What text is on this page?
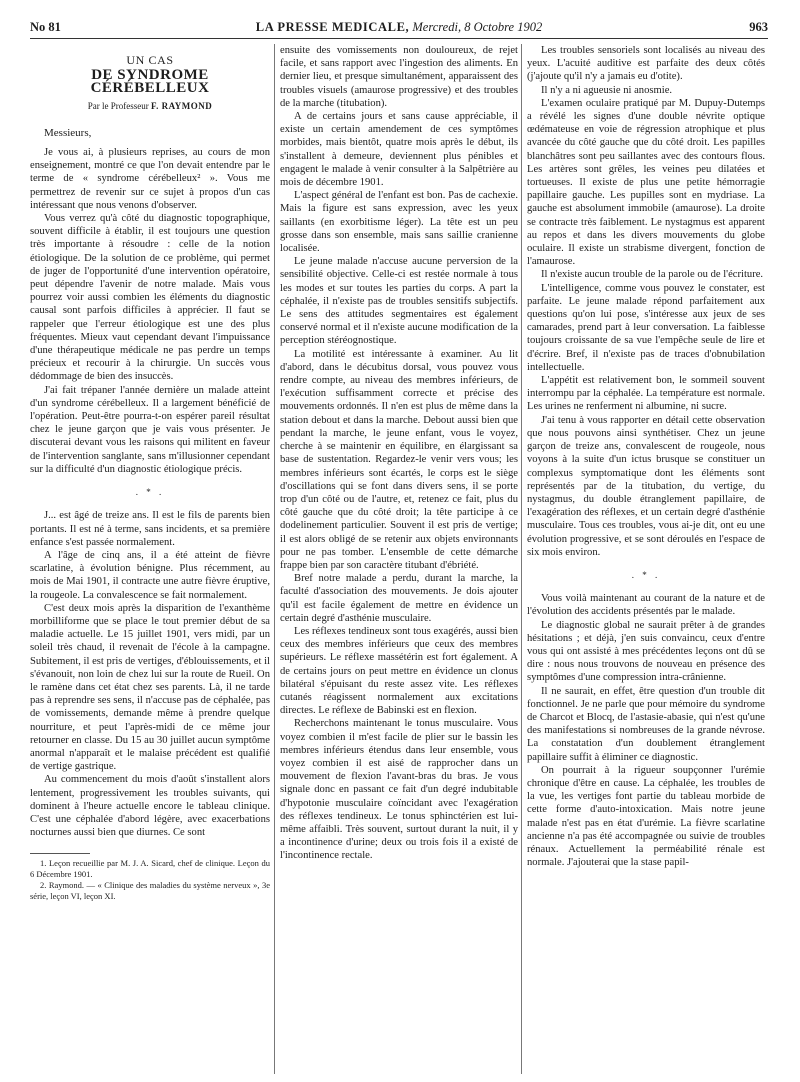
No 81	LA PRESSE MEDICALE, Mercredi, 8 Octobre 1902	963
UN CAS
DE SYNDROME CÉRÉBELLEUX
Par le Professeur F. RAYMOND
Messieurs,

Je vous ai, à plusieurs reprises, au cours de mon enseignement, montré ce que l'on devait entendre par le terme de « syndrome cérébelleux² ». Vous me permettrez de revenir sur ce sujet à propos d'un cas intéressant que nous venons d'observer.

Vous verrez qu'à côté du diagnostic topographique, souvent difficile à établir, il est toujours une question très importante à résoudre : celle de la notion étiologique. De la solution de ce problème, qui permet de juger de l'opportunité d'une intervention opératoire, peut dépendre l'avenir de notre malade. Mais vous pourrez voir aussi combien les éléments du diagnostic causal sont parfois difficiles à apprécier. Il faut se rappeler que l'erreur étiologique est une des plus fréquentes. Mieux vaut cependant devant l'impuissance d'une thérapeutique médicale ne pas perdre un temps précieux et recourir à la chirurgie. Un succès vous dédommage de bien des insuccès.

J'ai fait trépaner l'année dernière un malade atteint d'un syndrome cérébelleux. Il a largement bénéficié de l'opération. Peut-être pourra-t-on espérer pareil résultat chez le jeune garçon que je vais vous présenter. Je discuterai devant vous les raisons qui militent en faveur de l'intervention sanglante, sans m'illusionner cependant sur la difficulté d'un diagnostic étiologique précis.

. * .

J... est âgé de treize ans. Il est le fils de parents bien portants. Il est né à terme, sans incidents, et sa première enfance s'est passée normalement.

A l'âge de cinq ans, il a été atteint de fièvre scarlatine, à évolution bénigne. Plus récemment, au mois de Mai 1901, il contracte une autre fièvre éruptive, la rougeole. La convalescence se fait normalement.

C'est deux mois après la disparition de l'exanthème morbilliforme que se place le tout premier début de sa maladie actuelle. Le 15 juillet 1901, vers midi, par un soleil très chaud, il revenait de l'école à la campagne. Subitement, il est pris de vertiges, d'éblouissements, et il s'évanouit, non loin de chez lui sur la route de Rueil. On le ramène dans cet état chez ses parents. Là, il ne tarde pas à reprendre ses sens, il n'accuse pas de céphalée, pas de vomissements, demande même à prendre quelque nourriture, et peut l'après-midi de ce même jour retourner en classe. Du 15 au 30 juillet aucun symptôme anormal n'apparaît et le malaise précédent est qualifié de vertige gastrique.

Au commencement du mois d'août s'installent alors lentement, progressivement les troubles suivants, qui dominent à l'heure actuelle encore le tableau clinique. C'est une céphalée d'abord légère, avec exacerbations nocturnes aussi bien que diurnes. Ce sont

1. Leçon recueillie par M. J. A. Sicard, chef de clinique. Leçon du 6 Décembre 1901.

2. Raymond. — « Clinique des maladies du système nerveux », 3e série, leçon VI, leçon XI.

ensuite des vomissements non douloureux, de rejet facile, et sans rapport avec l'ingestion des aliments. En dernier lieu, et presque simultanément, apparaissent des troubles visuels (amaurose progressive) et des troubles de la marche (titubation).

A de certains jours et sans cause appréciable, il existe un certain amendement de ces symptômes morbides, mais bientôt, quatre mois après le début, ils s'installent à demeure, deviennent plus pénibles et engagent le malade à venir consulter à la Salpêtrière au mois de décembre 1901.

L'aspect général de l'enfant est bon. Pas de cachexie. Mais la figure est sans expression, avec les yeux saillants (en exorbitisme léger). La tête est un peu grosse dans son ensemble, mais sans saillie cranienne localisée.

Le jeune malade n'accuse aucune perversion de la sensibilité objective. Celle-ci est restée normale à tous les modes et sur toutes les parties du corps. A part la céphalée, il n'existe pas de troubles sensitifs subjectifs. Le sens des attitudes segmentaires est également conservé normal et il n'existe aucune modification de la perception stéréognostique.

La motilité est intéressante à examiner. Au lit d'abord, dans le décubitus dorsal, vous pouvez vous rendre compte, au niveau des membres inférieurs, de l'exécution suffisamment correcte et précise des mouvements ordonnés. Il n'en est plus de même dans la station debout et dans la marche. Debout aussi bien que pendant la marche, le jeune enfant, vous le voyez, cherche à se maintenir en équilibre, en élargissant sa base de sustentation. Regardez-le venir vers vous; les membres inférieurs sont écartés, le corps est le siège d'oscillations qui se font dans divers sens, il se porte trop d'un côté ou de l'autre, et, retenez ce fait, plus du côté gauche que du côté droit; la tête participe à ce dodelinement particulier. Souvent il est pris de vertige; il est alors obligé de se retenir aux objets environnants pour ne pas tomber. L'ensemble de cette démarche frappe bien par son caractère titubant d'ébriété.

Bref notre malade a perdu, durant la marche, la faculté d'association des mouvements. Je dois ajouter qu'il est facile également de mettre en évidence un certain degré d'asthénie musculaire.

Les réflexes tendineux sont tous exagérés, aussi bien ceux des membres inférieurs que ceux des membres supérieurs. Le réflexe massétérin est fort également. A de certains jours on peut mettre en évidence un clonus bilatéral s'épuisant du reste assez vite. Les réflexes cutanés réagissent normalement aux excitations directes. Le réflexe de Babinski est en flexion.

Recherchons maintenant le tonus musculaire. Vous voyez combien il m'est facile de plier sur le bassin les membres inférieurs étendus dans leur ensemble, vous voyez combien il est aisé de rapprocher dans un mouvement de flexion l'avant-bras du bras. Je vous signale donc en passant ce fait d'un degré indubitable d'hypotonie musculaire coïncidant avec l'exagération des réflexes tendineux. Le tonus sphinctérien est lui-même affaibli. Très souvent, surtout durant la nuit, il y a incontinence d'urine; deux ou trois fois il a existé de l'incontinence rectale.

Les troubles sensoriels sont localisés au niveau des yeux. L'acuité auditive est parfaite des deux côtés (j'ajoute qu'il n'y a jamais eu d'otite).

Il n'y a ni agueusie ni anosmie.

L'examen oculaire pratiqué par M. Dupuy-Dutemps a révélé les signes d'une double névrite optique œdémateuse en voie de régression atrophique et plus avancée du côté gauche que du côté droit. Les papilles blanchâtres sont peu saillantes avec des contours flous. Les artères sont grêles, les veines peu dilatées et tortueuses. Il existe de plus une petite hémorragie papillaire gauche. Les pupilles sont en mydriase. La gauche est absolument immobile (amaurose). La droite se contracte très faiblement. Le nystagmus est apparent au repos et dans les divers mouvements du globe oculaire. Il existe un strabisme divergent, fonction de l'amaurose.

Il n'existe aucun trouble de la parole ou de l'écriture.

L'intelligence, comme vous pouvez le constater, est parfaite. Le jeune malade répond parfaitement aux questions qu'on lui pose, s'intéresse aux jeux de ses camarades, prend part à leur conversation. La faiblesse toujours croissante de sa vue l'empêche seule de lire et d'écrire. Bref, il n'existe pas de traces d'obnubilation intellectuelle.

L'appétit est relativement bon, le sommeil souvent interrompu par la céphalée. La température est normale. Les urines ne renferment ni albumine, ni sucre.

J'ai tenu à vous rapporter en détail cette observation que nous pouvons ainsi synthétiser. Chez un jeune garçon de treize ans, convalescent de rougeole, nous voyons à la suite d'un ictus brusque se constituer un complexus symptomatique dont les éléments sont représentés par de la titubation, du vertige, du nystagmus, du double étranglement papillaire, de l'exagération des réflexes, et un certain degré d'asthénie musculaire. Tous ces troubles, vous ai-je dit, ont eu une évolution progressive, et se sont déroulés en l'espace de six mois environ.

. * .

Vous voilà maintenant au courant de la nature et de l'évolution des accidents présentés par le malade.

Le diagnostic global ne saurait prêter à de grandes hésitations ; et déjà, j'en suis convaincu, ceux d'entre vous qui ont assisté à mes précédentes leçons ont dû se dire : nous nous trouvons de nouveau en présence des symptômes d'une compression intra-crânienne.

Il ne saurait, en effet, être question d'un trouble dit fonctionnel. Je ne parle que pour mémoire du syndrome de Charcot et Blocq, de l'astasie-abasie, qui n'est qu'une des manifestations si nombreuses de la grande névrose. La constatation d'un doublement étranglement papillaire suffit à éliminer ce diagnostic.

On pourrait à la rigueur soupçonner l'urémie chronique d'être en cause. La céphalée, les troubles de la vue, les vertiges font partie du tableau morbide de cette forme d'auto-intoxication. Mais notre jeune malade n'est pas en état d'urémie. La fièvre scarlatine ancienne n'a pas été accompagnée ou suivie de troubles rénaux. Actuellement la perméabilité rénale est normale. J'ajouterai que la stase papil-
